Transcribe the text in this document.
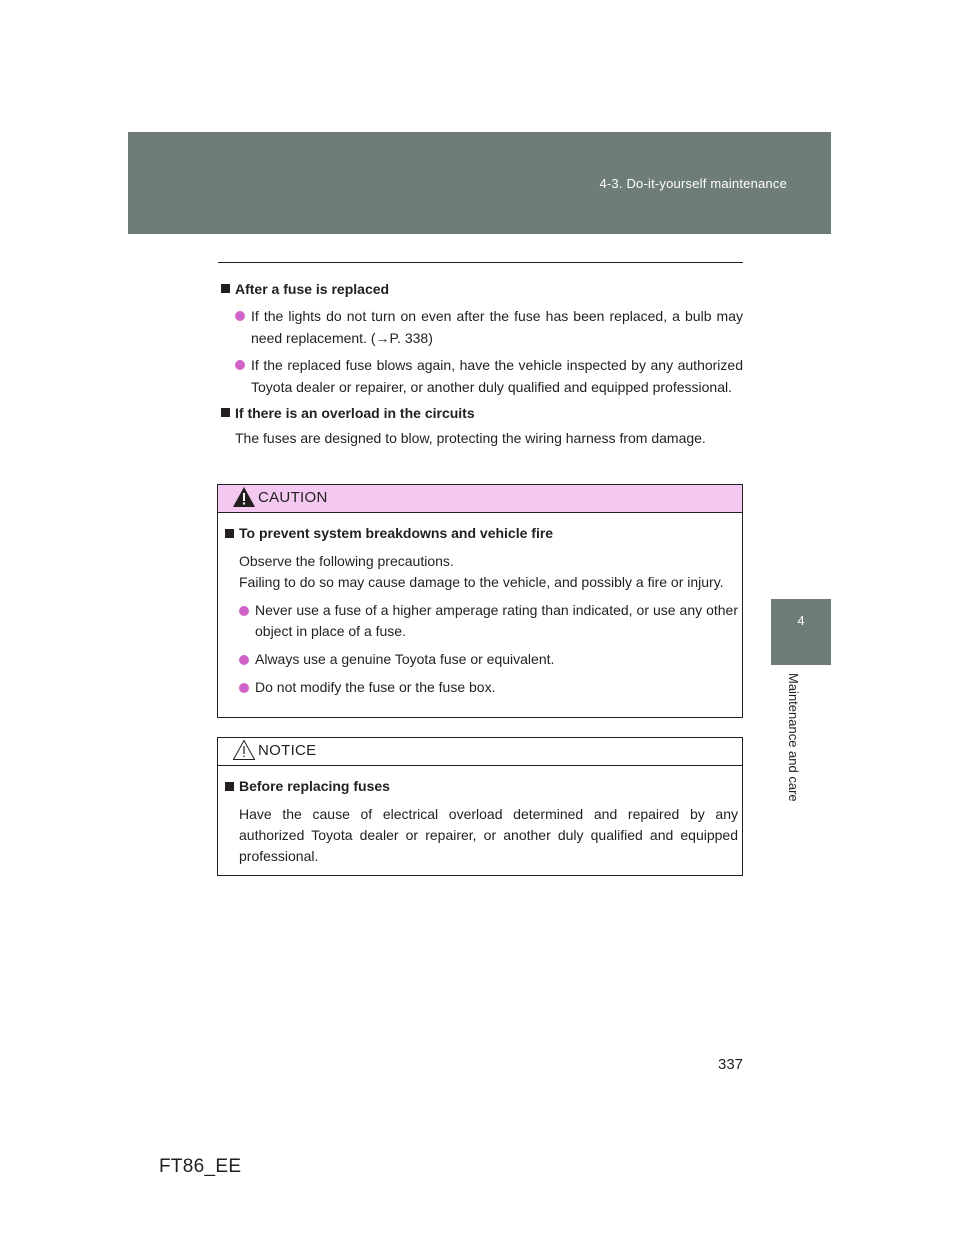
4-3. Do-it-yourself maintenance
4
Maintenance and care
After a fuse is replaced
If the lights do not turn on even after the fuse has been replaced, a bulb may need replacement. (→P. 338)
If the replaced fuse blows again, have the vehicle inspected by any authorized Toyota dealer or repairer, or another duly qualified and equipped professional.
If there is an overload in the circuits
The fuses are designed to blow, protecting the wiring harness from damage.
CAUTION
To prevent system breakdowns and vehicle fire
Observe the following precautions.
Failing to do so may cause damage to the vehicle, and possibly a fire or injury.
Never use a fuse of a higher amperage rating than indicated, or use any other object in place of a fuse.
Always use a genuine Toyota fuse or equivalent.
Do not modify the fuse or the fuse box.
NOTICE
Before replacing fuses
Have the cause of electrical overload determined and repaired by any authorized Toyota dealer or repairer, or another duly qualified and equipped professional.
337
FT86_EE
